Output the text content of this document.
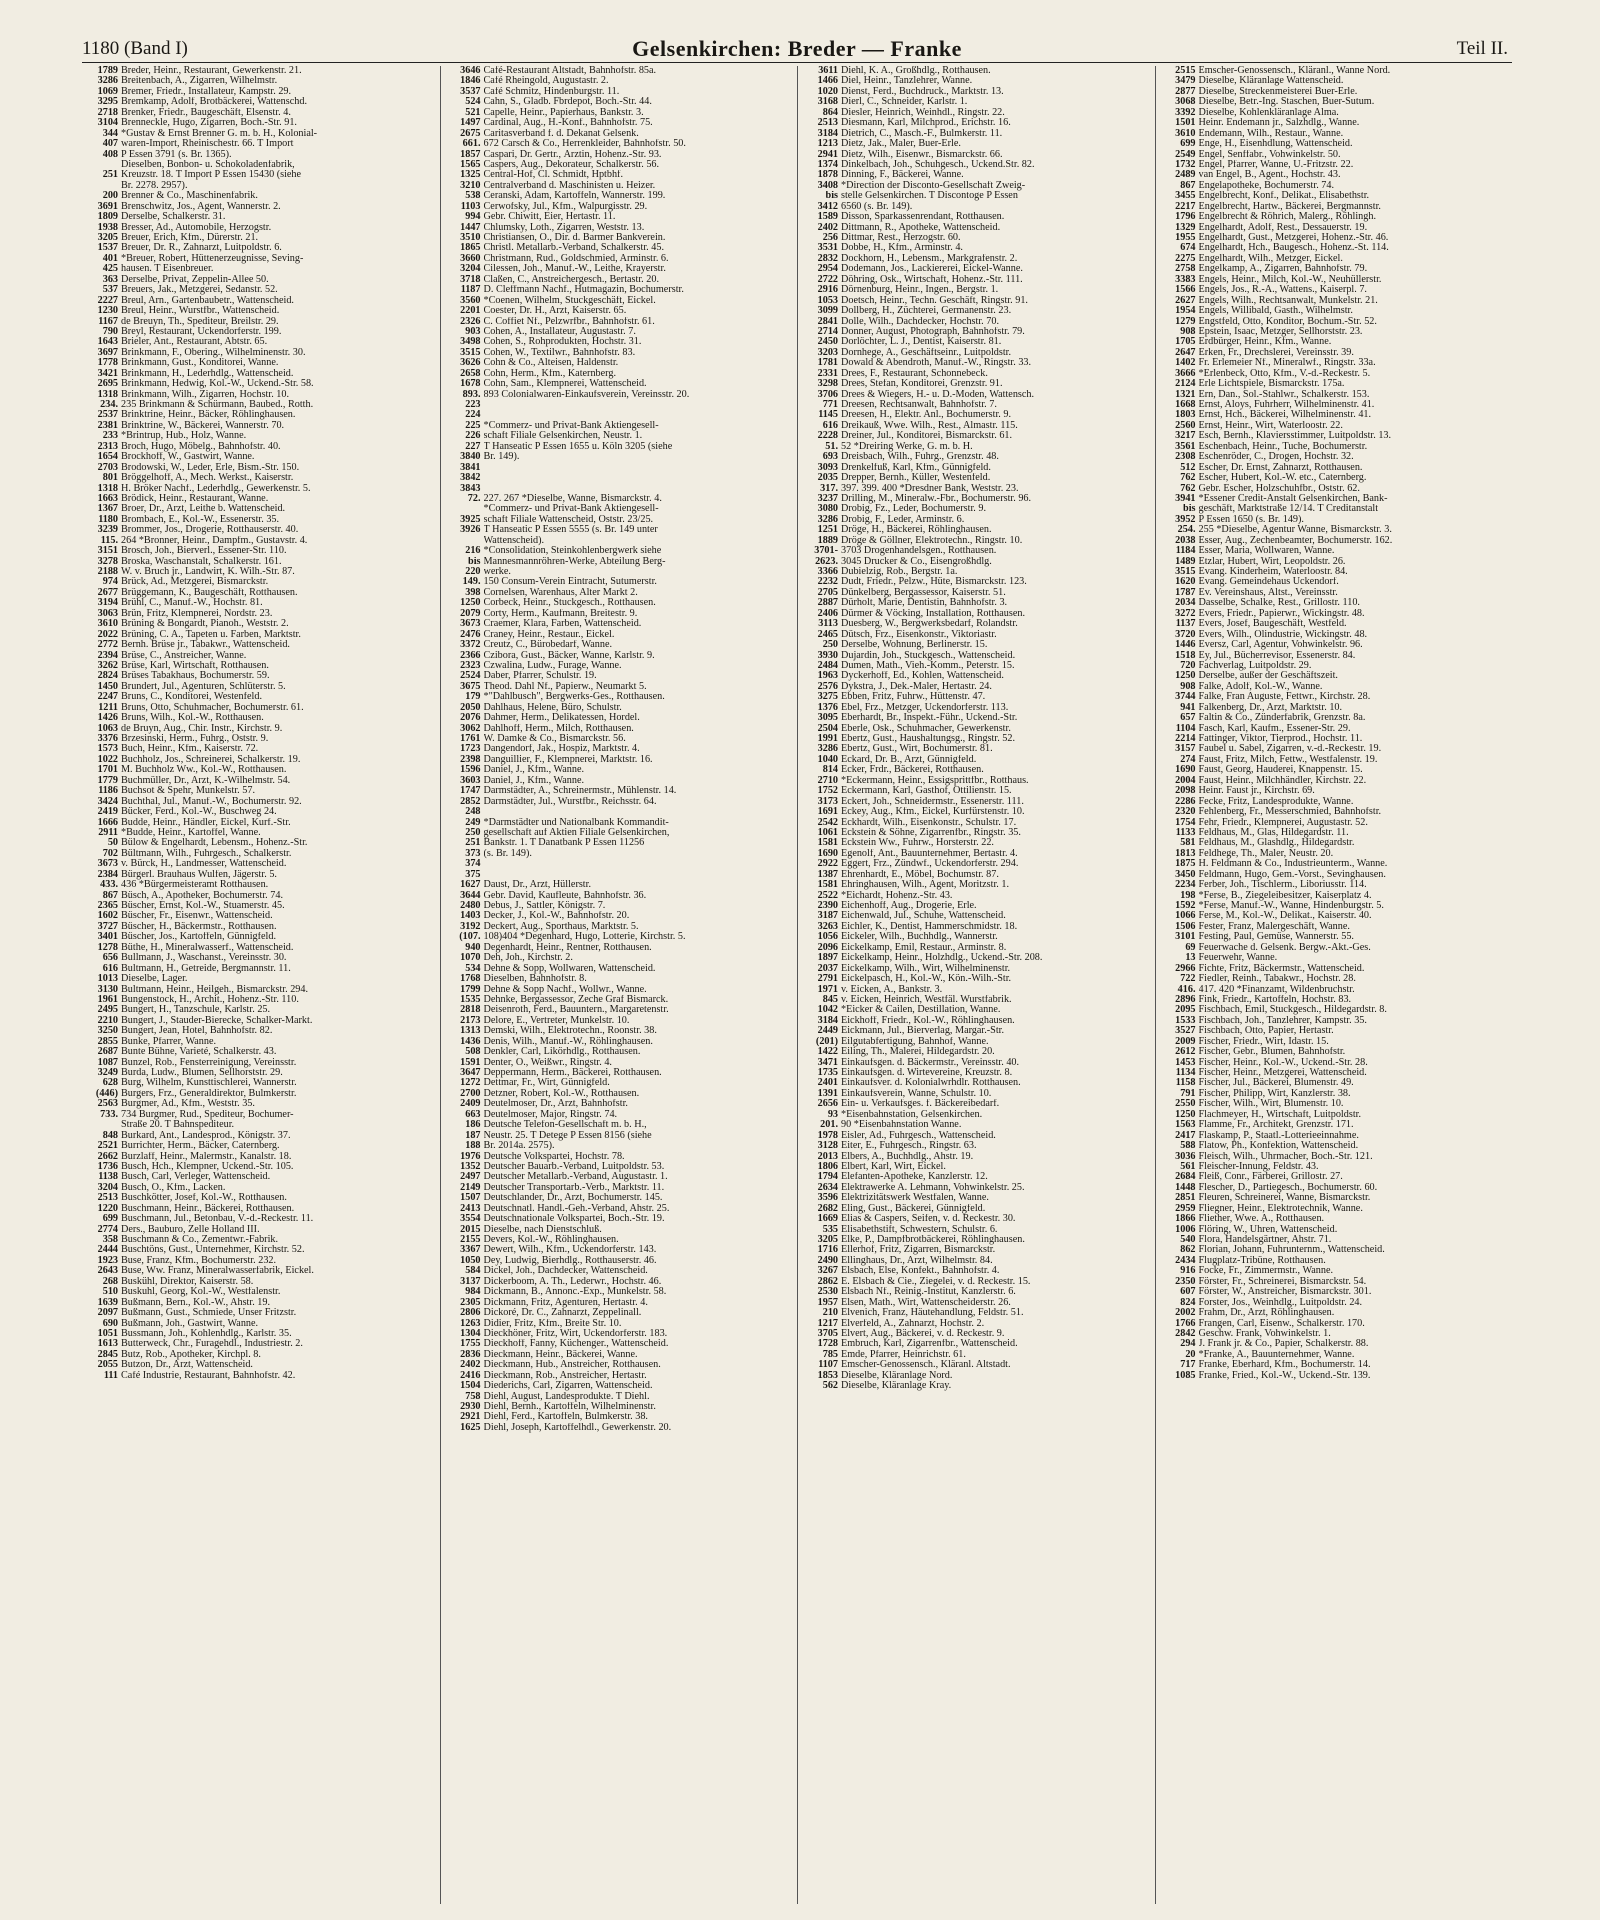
1180 (Band I)	Gelsenkirchen: Breder — Franke	Teil II.
1789 Breder, Heinr., Restaurant, Gewerkenstr. 21.
3286 Breitenbach, A., Zigarren, Wilhelmstr.
1069 Bremer, Friedr., Installateur, Kampstr. 29.
3295 Bremkamp, Adolf, Brotbäckerei, Wattenschd.
2718 Brenker, Friedr., Baugeschäft, Elsenstr. 4.
3104 Brenneckle, Hugo, Zigarren, Boch.-Str. 91.
344 *Gustav & Ernst Brenner G. m. b. H., Kolonial-
407 waren-Import, Rheinischestr. 66. T Import
408 P Essen 3791 (s. Br. 1365).
Dieselben, Bonbon- u. Schokoladenfabrik,
251 Kreuzstr. 18. T Import P Essen 15430 (siehe
Br. 2278. 2957).
200 Brenner & Co., Maschinenfabrik.
3691 Brenschwitz, Jos., Agent, Wannerstr. 2.
1809 Derselbe, Schalkerstr. 31.
1938 Bresser, Ad., Automobile, Herzogstr.
3205 Breuer, Erich, Kfm., Dürerstr. 21.
1537 Breuer, Dr. R., Zahnarzt, Luitpoldstr. 6.
401 *Breuer, Robert, Hüttenerzeugnisse, Seving-
425 hausen. T Eisenbreuer.
363 Derselbe, Privat, Zeppelin-Allee 50.
537 Breuers, Jak., Metzgerei, Sedanstr. 52.
2227 Breul, Arn., Gartenbaubetr., Wattenscheid.
1230 Breul, Heinr., Wurstfbr., Wattenscheid.
1167 de Breuyn, Th., Spediteur, Breilstr. 29.
790 Breyl, Restaurant, Ückendorferstr. 199.
1643 Brieler, Ant., Restaurant, Abtstr. 65.
3697 Brinkmann, F., Obering., Wilhelminenstr. 30.
1778 Brinkmann, Gust., Konditorei, Wanne.
3421 Brinkmann, H., Lederhdlg., Wattenscheid.
2695 Brinkmann, Hedwig, Kol.-W., Ückend.-Str. 58.
1318 Brinkmann, Wilh., Zigarren, Hochstr. 10.
234. 235 Brinkmann & Schürmann, Baubed., Rotth.
2537 Brinktrine, Heinr., Bäcker, Röhlinghausen.
2381 Brinktrine, W., Bäckerei, Wannerstr. 70.
233 *Brintrup, Hub., Holz, Wanne.
2313 Broch, Hugo, Möbelg., Bahnhofstr. 40.
1654 Brockhoff, W., Gastwirt, Wanne.
2703 Brodowski, W., Leder, Erle, Bism.-Str. 150.
801 Bröggelhoff, A., Mech. Werkst., Kaiserstr.
1318 H. Bröker Nachf., Lederhdlg., Gewerkenstr. 5.
1663 Brödick, Heinr., Restaurant, Wanne.
1367 Broer, Dr., Arzt, Leithe b. Wattenscheid.
1180 Brombach, E., Kol.-W., Essenerstr. 35.
3239 Brommer, Jos., Drogerie, Rotthauserstr. 40.
115. 264 *Bronner, Heinr., Dampfm., Gustavstr. 4.
3151 Brosch, Joh., Bierverl., Essener-Str. 110.
3278 Broska, Waschanstalt, Schalkerstr. 161.
2188 W. v. Bruch jr., Landwirt, K. Wilh.-Str. 87.
974 Brück, Ad., Metzgerei, Bismarckstr.
2677 Brüggemann, K., Baugeschäft, Rotthausen.
3194 Brühl, C., Manuf.-W., Hochstr. 81.
3063 Brün, Fritz, Klempnerei, Nordstr. 23.
3610 Brüning & Bongardt, Pianoh., Weststr. 2.
2022 Brüning, C. A., Tapeten u. Farben, Marktstr.
2772 Bernh. Brüse jr., Tabakwr., Wattenscheid.
2394 Brüse, C., Anstreicher, Wanne.
3262 Brüse, Karl, Wirtschaft, Rotthausen.
2824 Brüses Tabakhaus, Bochumerstr. 59.
1450 Brundert, Jul., Agenturen, Schlüterstr. 5.
2247 Bruns, C., Konditorei, Westenfeld.
1211 Bruns, Otto, Schuhmacher, Bochumerstr. 61.
1426 Bruns, Wilh., Kol.-W., Rotthausen.
1063 de Bruyn, Aug., Chir. Instr., Kirchstr. 9.
3376 Brzesinski, Herm., Fuhrg., Oststr. 9.
1573 Buch, Heinr., Kfm., Kaiserstr. 72.
1022 Buchholz, Jos., Schreinerei, Schalkerstr. 19.
1701 M. Buchholz Ww., Kol.-W., Rotthausen.
1779 Buchmüller, Dr., Arzt, K.-Wilhelmstr. 54.
1186 Buchsot & Spehr, Munkelstr. 57.
3424 Buchthal, Jul., Manuf.-W., Bochumerstr. 92.
2419 Bücker, Ferd., Kol.-W., Buschweg 24.
1666 Budde, Heinr., Händler, Eickel, Kurf.-Str.
2911 *Budde, Heinr., Kartoffel, Wanne.
50 Bülow & Engelhardt, Lebensm., Hohenz.-Str.
702 Bültmann, Wilh., Fuhrgesch., Schalkerstr.
3673 v. Bürck, H., Landmesser, Wattenscheid.
2384 Bürgerl. Brauhaus Wulfen, Jägerstr. 5.
433. 436 *Bürgermeisteramt Rotthausen.
867 Büsch, A., Apotheker, Bochumerstr. 74.
2365 Büscher, Ernst, Kol.-W., Stuamerstr. 45.
1602 Büscher, Fr., Eisenwr., Wattenscheid.
3727 Büscher, H., Bäckermstr., Rotthausen.
3401 Büscher, Jos., Kartoffeln, Günnigfeld.
1278 Büthe, H., Mineralwasserf., Wattenscheid.
656 Bullmann, J., Waschanst., Vereinsstr. 30.
616 Bultmann, H., Getreide, Bergmannstr. 11.
1013 Dieselbe, Lager.
3130 Bultmann, Heinr., Heilgeh., Bismarckstr. 294.
1961 Bungenstock, H., Archit., Hohenz.-Str. 110.
2495 Bungert, H., Tanzschule, Karlstr. 25.
2210 Bungert, J., Stauder-Bierecke, Schalker-Markt.
3250 Bungert, Jean, Hotel, Bahnhofstr. 82.
2855 Bunke, Pfarrer, Wanne.
2687 Bunte Bühne, Varieté, Schalkerstr. 43.
1087 Bunzel, Rob., Fensterreinigung, Vereinsstr.
3249 Burda, Ludw., Blumen, Sellhorststr. 29.
628 Burg, Wilhelm, Kunsttischlerei, Wannerstr.
(446) Burgers, Frz., Generaldirektor, Bulmkerstr.
2563 Burgmer, Ad., Kfm., Weststr. 35.
733. 734 Burgmer, Rud., Spediteur, Bochumer-
Straße 20. T Bahnspediteur.
848 Burkard, Ant., Landesprod., Königstr. 37.
2521 Burrichter, Herm., Bäcker, Caternberg.
2662 Burzlaff, Heinr., Malermstr., Kanalstr. 18.
1736 Busch, Hch., Klempner, Ückend.-Str. 105.
1138 Busch, Carl, Verleger, Wattenscheid.
3204 Busch, O., Kfm., Lacken.
2513 Buschkötter, Josef, Kol.-W., Rotthausen.
1220 Buschmann, Heinr., Bäckerei, Rotthausen.
699 Buschmann, Jul., Betonbau, V.-d.-Reckestr. 11.
2774 Ders., Bauburo, Zelle Holland III.
358 Buschmann & Co., Zementwr.-Fabrik.
2444 Buschtöns, Gust., Unternehmer, Kirchstr. 52.
1923 Buse, Franz, Kfm., Bochumerstr. 232.
2643 Buse, Ww. Franz, Mineralwasserfabrik, Eickel.
268 Buskühl, Direktor, Kaiserstr. 58.
510 Buskuhl, Georg, Kol.-W., Westfalenstr.
1639 Bußmann, Bern., Kol.-W., Ahstr. 19.
2097 Bußmann, Gust., Schmiede, Unser Fritzstr.
690 Bußmann, Joh., Gastwirt, Wanne.
1051 Bussmann, Joh., Kohlenhdlg., Karlstr. 35.
1613 Butterweck, Chr., Furagehdl., Industriestr. 2.
2845 Butz, Rob., Apotheker, Kirchpl. 8.
2055 Butzon, Dr., Arzt, Wattenscheid.
111 Café Industrie, Restaurant, Bahnhofstr. 42.
3646 Café-Restaurant Altstadt, Bahnhofstr. 85a.
1846 Café Rheingold, Augustastr. 2.
3537 Café Schmitz, Hindenburgstr. 11.
524 Cahn, S., Gladb. Fbrdepot, Boch.-Str. 44.
521 Capelle, Heinr., Papierhaus, Bankstr. 3.
1497 Cardinal, Aug., H.-Konf., Bahnhofstr. 75.
2675 Caritasverband f. d. Dekanat Gelsenk.
661. 672 Carsch & Co., Herrenkleider, Bahnhofstr. 50.
1857 Caspari, Dr. Gertr., Ärztin, Hohenz.-Str. 93.
1565 Caspers, Aug., Dekorateur, Schalkerstr. 56.
1325 Central-Hof, Cl. Schmidt, Hptbhf.
3210 Centralverband d. Maschinisten u. Heizer.
538 Ceranski, Adam, Kartoffeln, Wannerstr. 199.
1103 Cerwofsky, Jul., Kfm., Walpurgisstr. 29.
994 Gebr. Chiwitt, Eier, Hertastr. 11.
1447 Chlumsky, Loth., Zigarren, Weststr. 13.
3510 Christiansen, O., Dir. d. Barmer Bankverein.
1865 Christl. Metallarb.-Verband, Schalkerstr. 45.
3660 Christmann, Rud., Goldschmied, Arminstr. 6.
3204 Cilessen, Joh., Manuf.-W., Leithe, Krayerstr.
3718 Claßen, C., Anstreichergesch., Bertastr. 20.
1187 D. Cleffmann Nachf., Hutmagazin, Bochumerstr.
3560 *Coenen, Wilhelm, Stuckgeschäft, Eickel.
2201 Coester, Dr. H., Arzt, Kaiserstr. 65.
2326 C. Coffiet Nf., Pelzwrfbr., Bahnhofstr. 61.
903 Cohen, A., Installateur, Augustastr. 7.
3498 Cohen, S., Rohprodukten, Hochstr. 31.
3515 Cohen, W., Textilwr., Bahnhofstr. 83.
3626 Cohn & Co., Alteisen, Haldenstr.
2658 Cohn, Herm., Kfm., Katernberg.
1678 Cohn, Sam., Klempnerei, Wattenscheid.
893. 893 Colonialwaren-Einkaufsverein, Vereinsstr. 20.
223
224
225 *Commerz- und Privat-Bank Aktiengesell-
226 schaft Filiale Gelsenkirchen, Neustr. 1.
227 T Hanseatic P Essen 1655 u. Köln 3205 (siehe
3840 Br. 149).
3841
3842
3843
72. 227. 267 *Dieselbe, Wanne, Bismarckstr. 4.
*Commerz- und Privat-Bank Aktiengesell-
3925 schaft Filiale Wattenscheid, Oststr. 23/25.
3926 T Hanseatic P Essen 5555 (s. Br. 149 unter
Wattenscheid).
216 *Consolidation, Steinkohlenbergwerk siehe
bis Mannesmannröhren-Werke, Abteilung Berg-
220 werke.
149. 150 Consum-Verein Eintracht, Sutumerstr.
398 Cornelsen, Warenhaus, Alter Markt 2.
1250 Corbeck, Heinr., Stuckgesch., Rotthausen.
2079 Corty, Herm., Kaufmann, Breitestr. 9.
3673 Craemer, Klara, Farben, Wattenscheid.
2476 Craney, Heinr., Restaur., Eickel.
3372 Creutz, C., Bürobedarf, Wanne.
2366 Czibora, Gust., Bäcker, Wanne, Karlstr. 9.
2323 Czwalina, Ludw., Furage, Wanne.
2524 Daber, Pfarrer, Schulstr. 19.
3675 Theod. Dahl Nf., Papierw., Neumarkt 5.
179 *"Dahlbusch", Bergwerks-Ges., Rotthausen.
2050 Dahlhaus, Helene, Büro, Schulstr.
2076 Dahmer, Herm., Delikatessen, Hordel.
3062 Dahlhoff, Herm., Milch, Rotthausen.
1761 W. Damke & Co., Bismarckstr. 56.
1723 Dangendorf, Jak., Hospiz, Marktstr. 4.
2398 Danguillier, F., Klempnerei, Marktstr. 16.
1596 Daniel, J., Kfm., Wanne.
3603 Daniel, J., Kfm., Wanne.
1747 Darmstädter, A., Schreinermstr., Mühlenstr. 14.
2852 Darmstädter, Jul., Wurstfbr., Reichsstr. 64.
248
249 *Darmstädter und Nationalbank Kommandit-
250 gesellschaft auf Aktien Filiale Gelsenkirchen,
251 Bankstr. 1. T Danatbank P Essen 11256
373 (s. Br. 149).
374
375
1627 Daust, Dr., Arzt, Hüllerstr.
3644 Gebr. David, Kaufleute, Bahnhofstr. 36.
2480 Debus, J., Sattler, Königstr. 7.
1403 Decker, J., Kol.-W., Bahnhofstr. 20.
3192 Deckert, Aug., Sporthaus, Marktstr. 5.
(107. 108)404 *Degenhard, Hugo, Lotterie, Kirchstr. 5.
940 Degenhardt, Heinr., Rentner, Rotthausen.
1070 Deh, Joh., Kirchstr. 2.
534 Dehne & Sopp, Wollwaren, Wattenscheid.
1768 Dieselben, Bahnhofstr. 8.
1799 Dehne & Sopp Nachf., Wollwr., Wanne.
1535 Dehnke, Bergassessor, Zeche Graf Bismarck.
2818 Deisenroth, Ferd., Bauuntern., Margaretenstr.
2173 Delore, E., Vertreter, Munkelstr. 10.
1313 Demski, Wilh., Elektrotechn., Roonstr. 38.
1436 Denis, Wilh., Manuf.-W., Röhlinghausen.
508 Denkler, Carl, Likörhdlg., Rotthausen.
1591 Denter, O., Weißwr., Ringstr. 4.
3647 Deppermann, Herm., Bäckerei, Rotthausen.
1272 Dettmar, Fr., Wirt, Günnigfeld.
2700 Detzner, Robert, Kol.-W., Rotthausen.
2409 Deutelmoser, Dr., Arzt, Bahnhofstr.
663 Deutelmoser, Major, Ringstr. 74.
186 Deutsche Telefon-Gesellschaft m. b. H.,
187 Neustr. 25. T Detege P Essen 8156 (siehe
188 Br. 2014a. 2575).
1976 Deutsche Volkspartei, Hochstr. 78.
1352 Deutscher Bauarb.-Verband, Luitpoldstr. 53.
2497 Deutscher Metallarb.-Verband, Augustastr. 1.
2149 Deutscher Transportarb.-Verb., Marktstr. 11.
1507 Deutschlander, Dr., Arzt, Bochumerstr. 145.
2413 Deutschnatl. Handl.-Geh.-Verband, Ahstr. 25.
3554 Deutschnationale Volkspartei, Boch.-Str. 19.
2015 Dieselbe, nach Dienstschluß.
2155 Devers, Kol.-W., Röhlinghausen.
3367 Dewert, Wilh., Kfm., Ückendorferstr. 143.
1050 Dey, Ludwig, Bierhdlg., Rotthauserstr. 46.
584 Dickel, Joh., Dachdecker, Wattenscheid.
3137 Dickerboom, A. Th., Lederwr., Hochstr. 46.
984 Dickmann, B., Annonc.-Exp., Munkelstr. 58.
2305 Dickmann, Fritz, Agenturen, Hertastr. 4.
2806 Dickoré, Dr. C., Zahnarzt, Zeppelinall.
1263 Didier, Fritz, Kfm., Breite Str. 10.
1304 Dieckhöner, Fritz, Wirt, Ückendorferstr. 183.
1755 Dieckhoff, Fanny, Küchenger., Wattenscheid.
2836 Dieckmann, Heinr., Bäckerei, Wanne.
2402 Dieckmann, Hub., Anstreicher, Rotthausen.
2416 Dieckmann, Rob., Anstreicher, Hertastr.
1504 Diederichs, Carl, Zigarren, Wattenscheid.
758 Diehl, August, Landesprodukte. T Diehl.
2930 Diehl, Bernh., Kartoffeln, Wilhelminenstr.
2921 Diehl, Ferd., Kartoffeln, Bulmkerstr. 38.
1625 Diehl, Joseph, Kartoffelhdl., Gewerkenstr. 20.
3611 Diehl, K. A., Großhdlg., Rotthausen.
1466 Diel, Heinr., Tanzlehrer, Wanne.
1020 Dienst, Ferd., Buchdruck., Marktstr. 13.
3168 Dierl, C., Schneider, Karlstr. 1.
864 Diesler, Heinrich, Weinhdl., Ringstr. 22.
2513 Diesmann, Karl, Milchprod., Erichstr. 16.
3184 Dietrich, C., Masch.-F., Bulmkerstr. 11.
1213 Dietz, Jak., Maler, Buer-Erle.
2941 Dietz, Wilh., Eisenwr., Bismarckstr. 66.
1374 Dinkelbach, Joh., Schuhgesch., Ückend.Str. 82.
1878 Dinning, F., Bäckerei, Wanne.
3408 *Direction der Disconto-Gesellschaft Zweig-
bis stelle Gelsenkirchen. T Discontoge P Essen
3412 6560 (s. Br. 149).
1589 Disson, Sparkassenrendant, Rotthausen.
2402 Dittmann, R., Apotheke, Wattenscheid.
256 Dittmar, Rest., Herzogstr. 60.
3531 Dobbe, H., Kfm., Arminstr. 4.
2832 Dockhorn, H., Lebensm., Markgrafenstr. 2.
2954 Dodemann, Jos., Lackiererei, Eickel-Wanne.
2722 Döhring, Osk., Wirtschaft, Hohenz.-Str. 111.
2916 Dörnenburg, Heinr., Ingen., Bergstr. 1.
1053 Doetsch, Heinr., Techn. Geschäft, Ringstr. 91.
3099 Dollberg, H., Züchterei, Germanenstr. 23.
2841 Dolle, Wilh., Dachdecker, Hochstr. 70.
2714 Donner, August, Photograph, Bahnhofstr. 79.
2450 Dorlöchter, L. J., Dentist, Kaiserstr. 81.
3203 Dornhege, A., Geschäftseinr., Luitpoldstr.
1781 Dowald & Abendroth, Manuf.-W., Ringstr. 33.
2331 Drees, F., Restaurant, Schonnebeck.
3298 Drees, Stefan, Konditorei, Grenzstr. 91.
3706 Drees & Wiegers, H.- u. D.-Moden, Wattensch.
771 Dreesen, Rechtsanwalt, Bahnhofstr. 7.
1145 Dreesen, H., Elektr. Anl., Bochumerstr. 9.
616 Dreikauß, Wwe. Wilh., Rest., Almastr. 115.
2228 Dreiner, Jul., Konditorei, Bismarckstr. 61.
51. 52 *Dreiring Werke, G. m. b. H.
693 Dreisbach, Wilh., Fuhrg., Grenzstr. 48.
3093 Drenkelfuß, Karl, Kfm., Günnigfeld.
2035 Drepper, Bernh., Küller, Westenfeld.
317. 397. 399. 400 *Dresdner Bank, Weststr. 23.
3237 Drilling, M., Mineralw.-Fbr., Bochumerstr. 96.
3080 Drobig, Fz., Leder, Bochumerstr. 9.
3286 Drobig, F., Leder, Arminstr. 6.
1251 Dröge, H., Bäckerei, Röhlinghausen.
1889 Dröge & Göllner, Elektrotechn., Ringstr. 10.
3701- 3703 Drogenhandelsgen., Rotthausen.
2623. 3045 Drucker & Co., Eisengroßhdlg.
3366 Dubielzig, Rob., Bergstr. 1a.
2232 Dudt, Friedr., Pelzw., Hüte, Bismarckstr. 123.
2705 Dünkelberg, Bergassessor, Kaiserstr. 51.
2887 Dürholt, Marie, Dentistin, Bahnhofstr. 3.
2406 Dürmer & Vöcking, Installation, Rotthausen.
3113 Duesberg, W., Bergwerksbedarf, Rolandstr.
2465 Dütsch, Frz., Eisenkonstr., Viktoriastr.
250 Derselbe, Wohnung, Berlinerstr. 15.
3930 Dujardin, Joh., Stuckgesch., Wattenscheid.
2484 Dumen, Math., Vieh.-Komm., Peterstr. 15.
1963 Dyckerhoff, Ed., Kohlen, Wattenscheid.
2576 Dykstra, J., Dek.-Maler, Hertastr. 24.
3275 Ebben, Fritz, Fuhrw., Hüttenstr. 47.
1376 Ebel, Frz., Metzger, Ückendorferstr. 113.
3095 Eberhardt, Br., Inspekt.-Führ., Ückend.-Str.
2504 Eberle, Osk., Schuhmacher, Gewerkenstr.
1991 Ebertz, Gust., Haushaltungsg., Ringstr. 52.
3286 Ebertz, Gust., Wirt, Bochumerstr. 81.
1040 Eckard, Dr. B., Arzt, Günnigfeld.
814 Ecker, Frdr., Bäckerei, Rotthausen.
2710 *Eckermann, Heinr., Essigsprittfbr., Rotthaus.
1752 Eckermann, Karl, Gasthof, Ottilienstr. 15.
3173 Eckert, Joh., Schneidermstr., Essenerstr. 111.
1691 Eckey, Aug., Kfm., Eickel, Kurfürstenstr. 10.
2542 Eckhardt, Wilh., Eisenkonstr., Schulstr. 17.
1061 Eckstein & Söhne, Zigarrenfbr., Ringstr. 35.
1581 Eckstein Ww., Fuhrw., Horsterstr. 22.
1690 Egenolf, Ant., Bauunternehmer, Bertastr. 4.
2922 Eggert, Frz., Zündwf., Ückendorferstr. 294.
1387 Ehrenhardt, E., Möbel, Bochumstr. 87.
1581 Ehringhausen, Wilh., Agent, Moritzstr. 1.
2522 *Eichardt, Hohenz.-Str. 43.
2390 Eichenhoff, Aug., Drogerie, Erle.
3187 Eichenwald, Jul., Schuhe, Wattenscheid.
3263 Eichler, K., Dentist, Hammerschmidstr. 18.
1056 Eickeler, Wilh., Buchhdlg., Wannerstr.
2096 Eickelkamp, Emil, Restaur., Arminstr. 8.
1897 Eickelkamp, Heinr., Holzhdlg., Ückend.-Str. 208.
2037 Eickelkamp, Wilh., Wirt, Wilhelminenstr.
2791 Eickelpasch, H., Kol.-W., Kön.-Wilh.-Str.
1971 v. Eicken, A., Bankstr. 3.
845 v. Eicken, Heinrich, Westfäl. Wurstfabrik.
1042 *Eicker & Cailen, Destillation, Wanne.
3184 Eickhoff, Friedr., Kol.-W., Röhlinghausen.
2449 Eickmann, Jul., Bierverlag, Margar.-Str.
(201) Eilgutabfertigung, Bahnhof, Wanne.
1422 Eiling, Th., Malerei, Hildegardstr. 20.
3471 Einkaufsgen. d. Bäckermstr., Vereinsstr. 40.
1735 Einkaufsgen. d. Wirtevereine, Kreuzstr. 8.
2401 Einkaufsver. d. Kolonialwrhdlr. Rotthausen.
1391 Einkaufsverein, Wanne, Schulstr. 10.
2656 Ein- u. Verkaufsges. f. Bäckereibedarf.
93 *Eisenbahnstation, Gelsenkirchen.
201. 90 *Eisenbahnstation Wanne.
1978 Eisler, Ad., Fuhrgesch., Wattenscheid.
3128 Eiter, E., Fuhrgesch., Ringstr. 63.
2013 Elbers, A., Buchhdlg., Ahstr. 19.
1806 Elbert, Karl, Wirt, Eickel.
1794 Elefanten-Apotheke, Kanzlerstr. 12.
2634 Elektrawerke A. Lehmann, Vohwinkelstr. 25.
3596 Elektrizitätswerk Westfalen, Wanne.
2682 Eling, Gust., Bäckerei, Günnigfeld.
1669 Elias & Caspers, Seifen, v. d. Reckestr. 30.
535 Elisabethstift, Schwestern, Schulstr. 6.
3205 Elke, P., Dampfbrotbäckerei, Röhlinghausen.
1716 Ellerhof, Fritz, Zigarren, Bismarckstr.
2490 Ellinghaus, Dr., Arzt, Wilhelmstr. 84.
3267 Elsbach, Else, Konfekt., Bahnhofstr. 4.
2862 E. Elsbach & Cie., Ziegelei, v. d. Reckestr. 15.
2530 Elsbach Nf., Reinig.-Institut, Kanzlerstr. 6.
1957 Elsen, Math., Wirt, Wattenscheiderstr. 26.
210 Elvenich, Franz, Häutehandlung, Feldstr. 51.
1217 Elverfeld, A., Zahnarzt, Hochstr. 2.
3705 Elvert, Aug., Bäckerei, v. d. Reckestr. 9.
1728 Embruch, Karl, Zigarrenfbr., Wattenscheid.
785 Emde, Pfarrer, Heinrichstr. 61.
1107 Emscher-Genossensch., Kläranl. Altstadt.
1853 Dieselbe, Kläranlage Nord.
562 Dieselbe, Kläranlage Kray.
2515 Emscher-Genossensch., Kläranl., Wanne Nord.
3479 Dieselbe, Kläranlage Wattenscheid.
2877 Dieselbe, Streckenmeisterei Buer-Erle.
3068 Dieselbe, Betr.-Ing. Staschen, Buer-Sutum.
3392 Dieselbe, Kohlenkläranlage Alma.
1501 Heinr. Endemann jr., Salzhdlg., Wanne.
3610 Endemann, Wilh., Restaur., Wanne.
699 Enge, H., Eisenhdlung, Wattenscheid.
2549 Engel, Senffabr., Vohwinkelstr. 50.
1732 Engel, Pfarrer, Wanne, U.-Fritzstr. 22.
2489 van Engel, B., Agent., Hochstr. 43.
867 Engelapotheke, Bochumerstr. 74.
3455 Engelbrecht, Konf., Delikat., Elisabethstr.
2217 Engelbrecht, Hartw., Bäckerei, Bergmannstr.
1796 Engelbrecht & Röhrich, Malerg., Röhlingh.
1329 Engelhardt, Adolf, Rest., Dessauerstr. 19.
1955 Engelhardt, Gust., Metzgerei, Hohenz.-Str. 46.
674 Engelhardt, Hch., Baugesch., Hohenz.-St. 114.
2275 Engelhardt, Wilh., Metzger, Eickel.
2758 Engelkamp, A., Zigarren, Bahnhofstr. 79.
3383 Engels, Heinr., Milch, Kol.-W., Neuhüllerstr.
1566 Engels, Jos., R.-A., Wattens., Kaiserpl. 7.
2627 Engels, Wilh., Rechtsanwalt, Munkelstr. 21.
1954 Engels, Willibald, Gasth., Wilhelmstr.
1279 Engstfeld, Otto, Konditor, Bochum.-Str. 52.
908 Epstein, Isaac, Metzger, Sellhorststr. 23.
1705 Erdbürger, Heinr., Kfm., Wanne.
2647 Erken, Fr., Drechslerei, Vereinsstr. 39.
1402 Fr. Erlemeier Nf., Mineralwf., Ringstr. 33a.
3666 *Erlenbeck, Otto, Kfm., V.-d.-Reckestr. 5.
2124 Erle Lichtspiele, Bismarckstr. 175a.
1321 Ern, Dan., Sol.-Stahlwr., Schalkerstr. 153.
1668 Ernst, Aloys, Fuhrherr, Wilhelminenstr. 41.
1803 Ernst, Hch., Bäckerei, Wilhelminenstr. 41.
2560 Ernst, Heinr., Wirt, Waterloostr. 22.
3217 Esch, Bernh., Klaviersstimmer, Luitpoldstr. 13.
3561 Eschenbach, Heinr., Tuche, Bochumerstr.
2308 Eschenröder, C., Drogen, Hochstr. 32.
512 Escher, Dr. Ernst, Zahnarzt, Rotthausen.
762 Escher, Hubert, Kol.-W. etc., Caternberg.
762 Gebr. Escher, Holzschuhfbr., Oststr. 62.
3941 *Essener Credit-Anstalt Gelsenkirchen, Bank-
bis geschäft, Marktstraße 12/14. T Creditanstalt
3952 P Essen 1650 (s. Br. 149).
254. 255 *Dieselbe, Agentur Wanne, Bismarckstr. 3.
2038 Esser, Aug., Zechenbeamter, Bochumerstr. 162.
1184 Esser, Maria, Wollwaren, Wanne.
1489 Etzlar, Hubert, Wirt, Leopoldstr. 26.
3515 Evang. Kinderheim, Waterloostr. 84.
1620 Evang. Gemeindehaus Ückendorf.
1787 Ev. Vereinshaus, Altst., Vereinsstr.
2034 Dasselbe, Schalke, Rest., Grillostr. 110.
3272 Evers, Friedr., Papierwr., Wickingstr. 48.
1137 Evers, Josef, Baugeschäft, Westfeld.
3720 Evers, Wilh., Ölindustrie, Wickingstr. 48.
1446 Eversz, Carl, Agentur, Vohwinkelstr. 96.
1518 Ey, Jul., Bücherrevisor, Essenerstr. 84.
720 Fachverlag, Luitpoldstr. 29.
1250 Derselbe, außer der Geschäftszeit.
908 Falke, Adolf, Kol.-W., Wanne.
3744 Falke, Fran Auguste, Fettwr., Kirchstr. 28.
941 Falkenberg, Dr., Arzt, Marktstr. 10.
657 Faltin & Co., Zünderfabrik, Grenzstr. 8a.
1104 Fasch, Karl, Kaufm., Essener-Str. 29.
2214 Fattinger, Viktor, Tierprod., Hochstr. 11.
3157 Faubel u. Sabel, Zigarren, v.-d.-Reckestr. 19.
274 Faust, Fritz, Milch, Fettw., Westfalenstr. 19.
1690 Faust, Georg, Hauderei, Knappenstr. 15.
2004 Faust, Heinr., Milchhändler, Kirchstr. 22.
2098 Heinr. Faust jr., Kirchstr. 69.
2286 Fecke, Fritz, Landesprodukte, Wanne.
2320 Fehlenberg, Fr., Messerschmied, Bahnhofstr.
1754 Fehr, Friedr., Klempnerei, Augustastr. 52.
1133 Feldhaus, M., Glas, Hildegardstr. 11.
581 Feldhaus, M., Glashdlg., Hildegardstr.
1813 Feldhege, Th., Maler, Neustr. 20.
1875 H. Feldmann & Co., Industrieunterm., Wanne.
3450 Feldmann, Hugo, Gem.-Vorst., Sevinghausen.
2234 Ferber, Joh., Tischlerm., Liboriusstr. 114.
198 *Ferse, B., Ziegeleibesitzer, Kaiserplatz 4.
1592 *Ferse, Manuf.-W., Wanne, Hindenburgstr. 5.
1066 Ferse, M., Kol.-W., Delikat., Kaiserstr. 40.
1506 Fester, Franz, Malergeschäft, Wanne.
3101 Festing, Paul, Gemüse, Wannerstr. 55.
69 Feuerwache d. Gelsenk. Bergw.-Akt.-Ges.
13 Feuerwehr, Wanne.
2966 Fichte, Fritz, Bäckermstr., Wattenscheid.
722 Fiedler, Reinh., Tabakwr., Hochstr. 28.
416. 417. 420 *Finanzamt, Wildenbruchstr.
2896 Fink, Friedr., Kartoffeln, Hochstr. 83.
2095 Fischbach, Emil, Stuckgesch., Hildegardstr. 8.
1533 Fischbach, Joh., Tanzlehrer, Kampstr. 35.
3527 Fischbach, Otto, Papier, Hertastr.
2009 Fischer, Friedr., Wirt, Idastr. 15.
2612 Fischer, Gebr., Blumen, Bahnhofstr.
1453 Fischer, Heinr., Kol.-W., Ückend.-Str. 28.
1134 Fischer, Heinr., Metzgerei, Wattenscheid.
1158 Fischer, Jul., Bäckerei, Blumenstr. 49.
791 Fischer, Philipp, Wirt, Kanzlerstr. 38.
2550 Fischer, Wilh., Wirt, Blumenstr. 10.
1250 Flachmeyer, H., Wirtschaft, Luitpoldstr.
1563 Flamme, Fr., Architekt, Grenzstr. 171.
2417 Flaskamp, P., Staatl.-Lotterieeinnahme.
588 Flatow, Ph., Konfektion, Wattenscheid.
3036 Fleisch, Wilh., Uhrmacher, Boch.-Str. 121.
561 Fleischer-Innung, Feldstr. 43.
2684 Fleiß, Conr., Färberei, Grillostr. 27.
1448 Flescher, D., Partiegesch., Bochumerstr. 60.
2851 Fleuren, Schreinerei, Wanne, Bismarckstr.
2959 Fliegner, Heinr., Elektrotechnik, Wanne.
1866 Fliether, Wwe. A., Rotthausen.
1006 Flöring, W., Uhren, Wattenscheid.
540 Flora, Handelsgärtner, Ahstr. 71.
862 Florian, Johann, Fuhrunternm., Wattenscheid.
2434 Flugplatz-Tribüne, Rotthausen.
916 Focke, Fr., Zimmermstr., Wanne.
2350 Förster, Fr., Schreinerei, Bismarckstr. 54.
607 Förster, W., Anstreicher, Bismarckstr. 301.
824 Forster, Jos., Weinhdlg., Luitpoldstr. 24.
2002 Frahm, Dr., Arzt, Röhlinghausen.
1766 Frangen, Carl, Eisenw., Schalkerstr. 170.
2842 Geschw. Frank, Vohwinkelstr. 1.
294 J. Frank jr. & Co., Papier, Schalkerstr. 88.
20 *Franke, A., Bauunternehmer, Wanne.
717 Franke, Eberhard, Kfm., Bochumerstr. 14.
1085 Franke, Fried., Kol.-W., Ückend.-Str. 139.
